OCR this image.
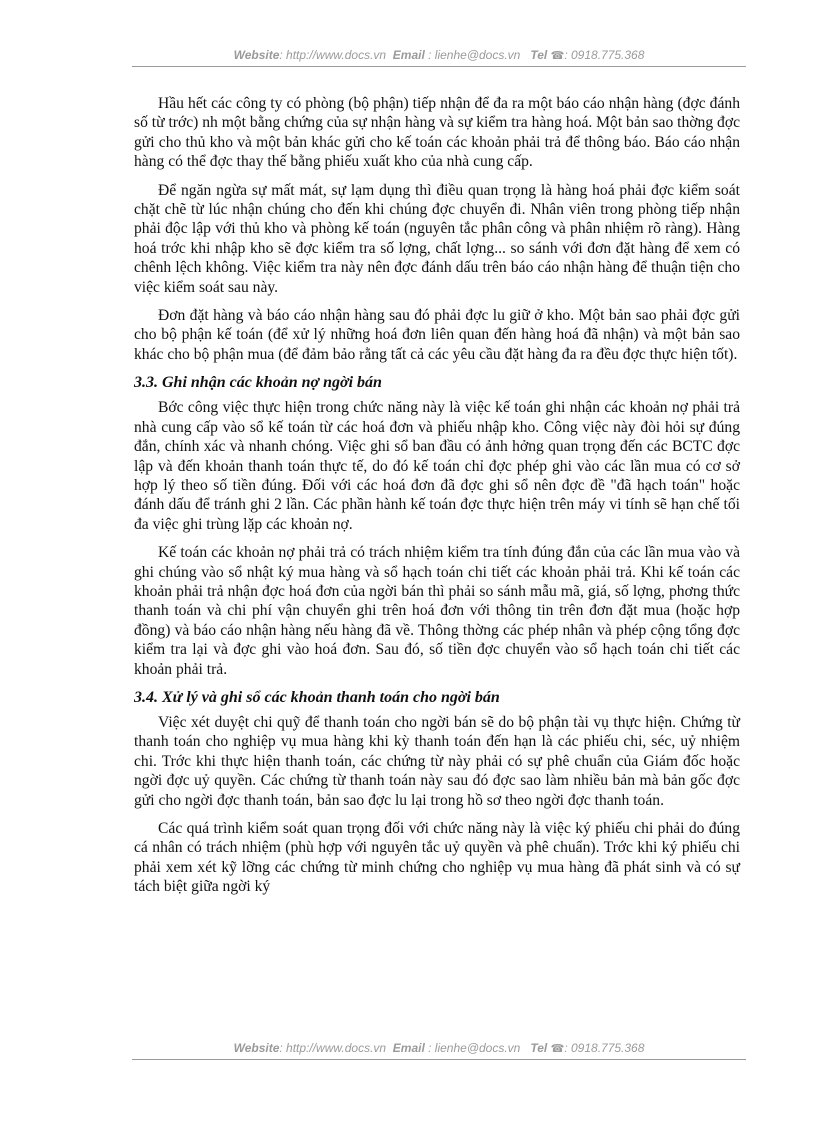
Website: http://www.docs.vn Email : lienhe@docs.vn Tel ☎: 0918.775.368

Hầu hết các công ty có phòng (bộ phận) tiếp nhận để đa ra một báo cáo nhận hàng (đợc đánh số từ trớc) nh một bằng chứng của sự nhận hàng và sự kiểm tra hàng hoá. Một bản sao thờng đợc gửi cho thủ kho và một bản khác gửi cho kế toán các khoản phải trả để thông báo. Báo cáo nhận hàng có thể đợc thay thế bằng phiếu xuất kho của nhà cung cấp.

Để ngăn ngừa sự mất mát, sự lạm dụng thì điều quan trọng là hàng hoá phải đợc kiểm soát chặt chẽ từ lúc nhận chúng cho đến khi chúng đợc chuyển đi. Nhân viên trong phòng tiếp nhận phải độc lập với thủ kho và phòng kế toán (nguyên tắc phân công và phân nhiệm rõ ràng). Hàng hoá trớc khi nhập kho sẽ đợc kiểm tra số lợng, chất lợng... so sánh với đơn đặt hàng để xem có chênh lệch không. Việc kiểm tra này nên đợc đánh dấu trên báo cáo nhận hàng để thuận tiện cho việc kiểm soát sau này.

Đơn đặt hàng và báo cáo nhận hàng sau đó phải đợc lu giữ ở kho. Một bản sao phải đợc gửi cho bộ phận kế toán (để xử lý những hoá đơn liên quan đến hàng hoá đã nhận) và một bản sao khác cho bộ phận mua (để đảm bảo rằng tất cả các yêu cầu đặt hàng đa ra đều đợc thực hiện tốt).

3.3. Ghi nhận các khoản nợ ngời bán

Bớc công việc thực hiện trong chức năng này là việc kế toán ghi nhận các khoản nợ phải trả nhà cung cấp vào sổ kế toán từ các hoá đơn và phiếu nhập kho. Công việc này đòi hỏi sự đúng đắn, chính xác và nhanh chóng. Việc ghi sổ ban đầu có ảnh hởng quan trọng đến các BCTC đợc lập và đến khoản thanh toán thực tế, do đó kế toán chỉ đợc phép ghi vào các lần mua có cơ sở hợp lý theo số tiền đúng. Đối với các hoá đơn đã đợc ghi sổ nên đợc đề "đã hạch toán" hoặc đánh dấu để tránh ghi 2 lần. Các phần hành kế toán đợc thực hiện trên máy vi tính sẽ hạn chế tối đa việc ghi trùng lặp các khoản nợ.

Kế toán các khoản nợ phải trả có trách nhiệm kiểm tra tính đúng đắn của các lần mua vào và ghi chúng vào sổ nhật ký mua hàng và sổ hạch toán chi tiết các khoản phải trả. Khi kế toán các khoản phải trả nhận đợc hoá đơn của ngời bán thì phải so sánh mẫu mã, giá, số lợng, phơng thức thanh toán và chi phí vận chuyển ghi trên hoá đơn với thông tin trên đơn đặt mua (hoặc hợp đồng) và báo cáo nhận hàng nếu hàng đã về. Thông thờng các phép nhân và phép cộng tổng đợc kiểm tra lại và đợc ghi vào hoá đơn. Sau đó, số tiền đợc chuyển vào sổ hạch toán chi tiết các khoản phải trả.

3.4. Xử lý và ghi sổ các khoản thanh toán cho ngời bán

Việc xét duyệt chi quỹ để thanh toán cho ngời bán sẽ do bộ phận tài vụ thực hiện. Chứng từ thanh toán cho nghiệp vụ mua hàng khi kỳ thanh toán đến hạn là các phiếu chi, séc, uỷ nhiệm chi. Trớc khi thực hiện thanh toán, các chứng từ này phải có sự phê chuẩn của Giám đốc hoặc ngời đợc uỷ quyền. Các chứng từ thanh toán này sau đó đợc sao làm nhiều bản mà bản gốc đợc gửi cho ngời đợc thanh toán, bản sao đợc lu lại trong hồ sơ theo ngời đợc thanh toán.

Các quá trình kiểm soát quan trọng đối với chức năng này là việc ký phiếu chi phải do đúng cá nhân có trách nhiệm (phù hợp với nguyên tắc uỷ quyền và phê chuẩn). Trớc khi ký phiếu chi phải xem xét kỹ lỡng các chứng từ minh chứng cho nghiệp vụ mua hàng đã phát sinh và có sự tách biệt giữa ngời ký

Website: http://www.docs.vn Email : lienhe@docs.vn Tel ☎: 0918.775.368
